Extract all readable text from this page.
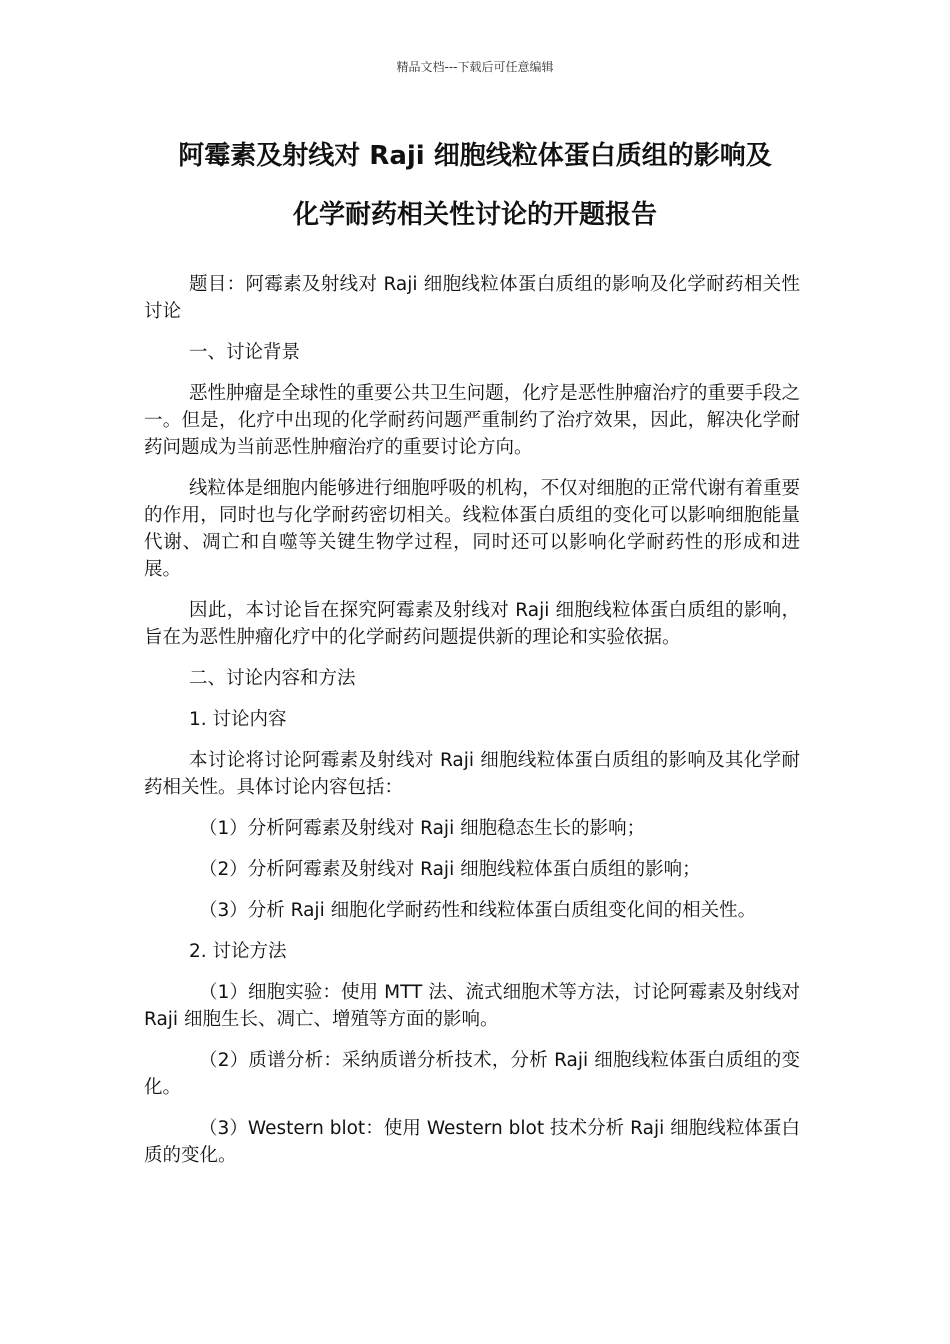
精品文档---下载后可任意编辑
阿霉素及射线对 Raji 细胞线粒体蛋白质组的影响及
化学耐药相关性讨论的开题报告

题目：阿霉素及射线对 Raji 细胞线粒体蛋白质组的影响及化学耐药相关性讨论

一、讨论背景

恶性肿瘤是全球性的重要公共卫生问题，化疗是恶性肿瘤治疗的重要手段之一。但是，化疗中出现的化学耐药问题严重制约了治疗效果，因此，解决化学耐药问题成为当前恶性肿瘤治疗的重要讨论方向。

线粒体是细胞内能够进行细胞呼吸的机构，不仅对细胞的正常代谢有着重要的作用，同时也与化学耐药密切相关。线粒体蛋白质组的变化可以影响细胞能量代谢、凋亡和自噬等关键生物学过程，同时还可以影响化学耐药性的形成和进展。

因此，本讨论旨在探究阿霉素及射线对 Raji 细胞线粒体蛋白质组的影响，旨在为恶性肿瘤化疗中的化学耐药问题提供新的理论和实验依据。

二、讨论内容和方法

1. 讨论内容

本讨论将讨论阿霉素及射线对 Raji 细胞线粒体蛋白质组的影响及其化学耐药相关性。具体讨论内容包括：

（1）分析阿霉素及射线对 Raji 细胞稳态生长的影响；

（2）分析阿霉素及射线对 Raji 细胞线粒体蛋白质组的影响；

（3）分析 Raji 细胞化学耐药性和线粒体蛋白质组变化间的相关性。

2. 讨论方法

（1）细胞实验：使用 MTT 法、流式细胞术等方法，讨论阿霉素及射线对 Raji 细胞生长、凋亡、增殖等方面的影响。

（2）质谱分析：采纳质谱分析技术，分析 Raji 细胞线粒体蛋白质组的变化。

（3）Western blot：使用 Western blot 技术分析 Raji 细胞线粒体蛋白质的变化。
